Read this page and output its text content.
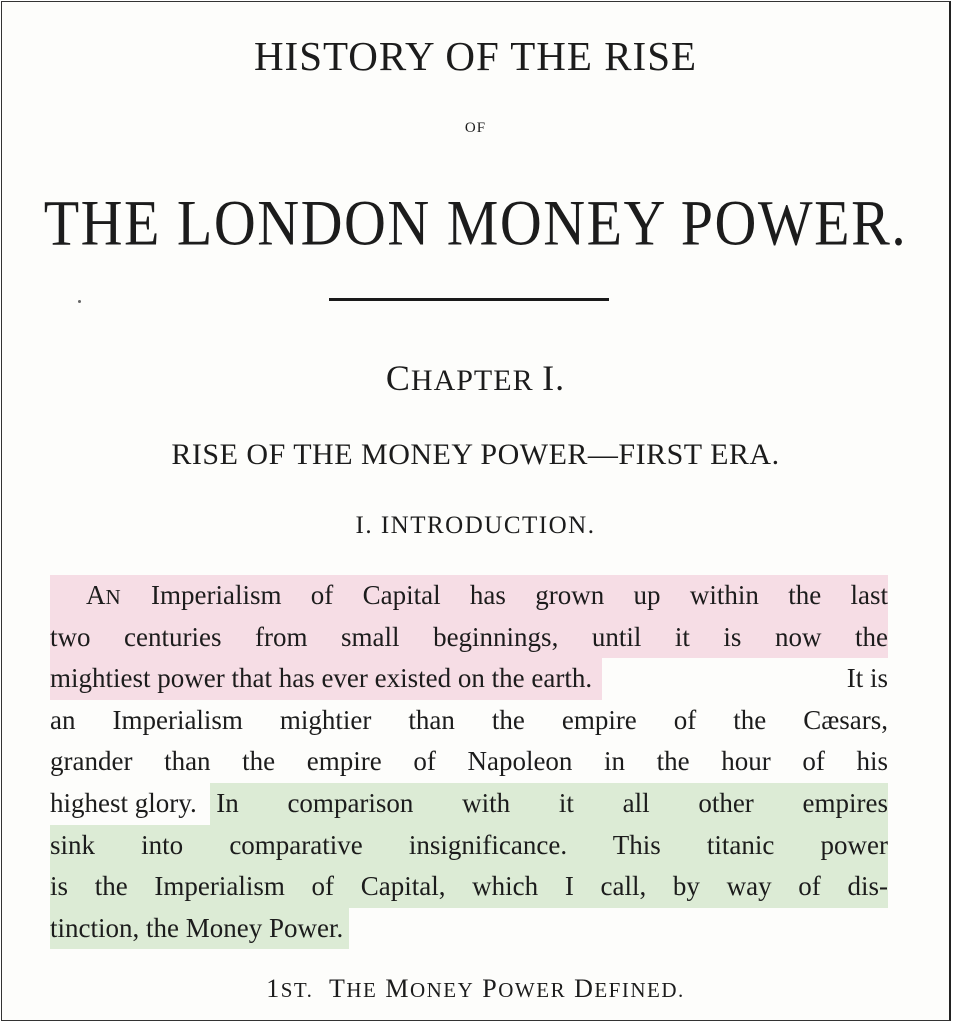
HISTORY OF THE RISE
OF
THE LONDON MONEY POWER.
CHAPTER I.
RISE OF THE MONEY POWER—FIRST ERA.
I. INTRODUCTION.
AN Imperialism of Capital has grown up within the last
two centuries from small beginnings, until it is now the
mightiest power that has ever existed on the earth.	It is
an Imperialism mightier than the empire of the Cæsars,
grander than the empire of Napoleon in the hour of his
highest glory. In comparison with it all other empires
sink into comparative insignificance. This titanic power
is the Imperialism of Capital, which I call, by way of dis-
tinction, the Money Power.
1ST. THE MONEY POWER DEFINED.
